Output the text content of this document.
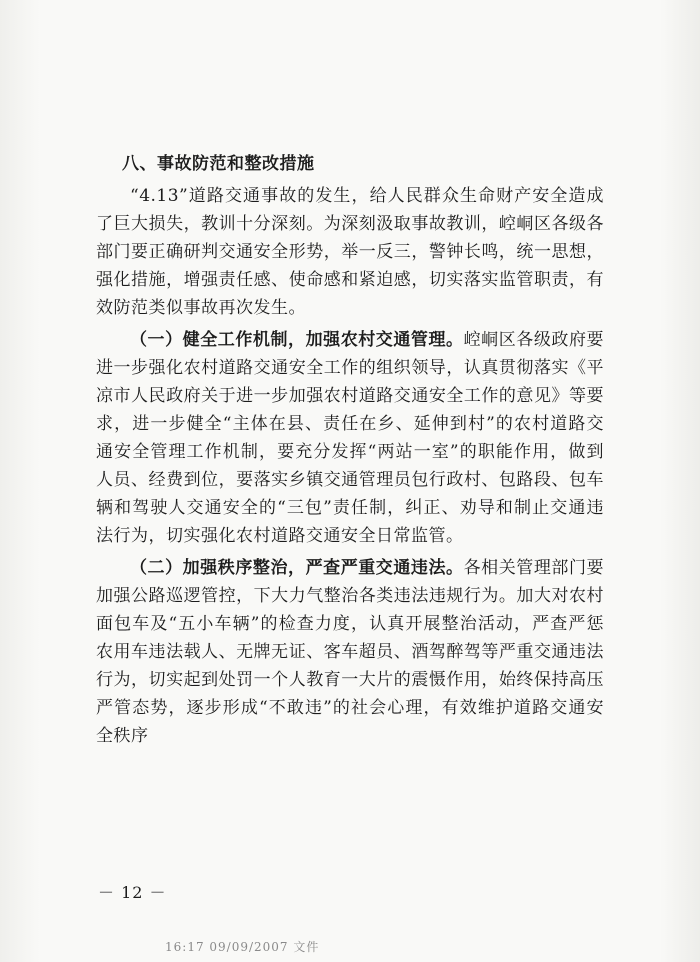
八、事故防范和整改措施

“4.13”道路交通事故的发生，给人民群众生命财产安全造成了巨大损失，教训十分深刻。为深刻汲取事故教训，崆峒区各级各部门要正确研判交通安全形势，举一反三，警钟长鸣，统一思想，强化措施，增强责任感、使命感和紧迫感，切实落实监管职责，有效防范类似事故再次发生。

（一）健全工作机制，加强农村交通管理。崆峒区各级政府要进一步强化农村道路交通安全工作的组织领导，认真贯彻落实《平凉市人民政府关于进一步加强农村道路交通安全工作的意见》等要求，进一步健全“主体在县、责任在乡、延伸到村”的农村道路交通安全管理工作机制，要充分发挥“两站一室”的职能作用，做到人员、经费到位，要落实乡镇交通管理员包行政村、包路段、包车辆和驾驶人交通安全的“三包”责任制，纠正、劝导和制止交通违法行为，切实强化农村道路交通安全日常监管。

（二）加强秩序整治，严查严重交通违法。各相关管理部门要加强公路巡逻管控，下大力气整治各类违法违规行为。加大对农村面包车及“五小车辆”的检查力度，认真开展整治活动，严查严惩农用车违法载人、无牌无证、客车超员、酒驾醉驾等严重交通违法行为，切实起到处罚一个人教育一大片的震慑作用，始终保持高压严管态势，逐步形成“不敢违”的社会心理，有效维护道路交通安全秩序

－ 12 －
16:17 09/09/2007 文件
